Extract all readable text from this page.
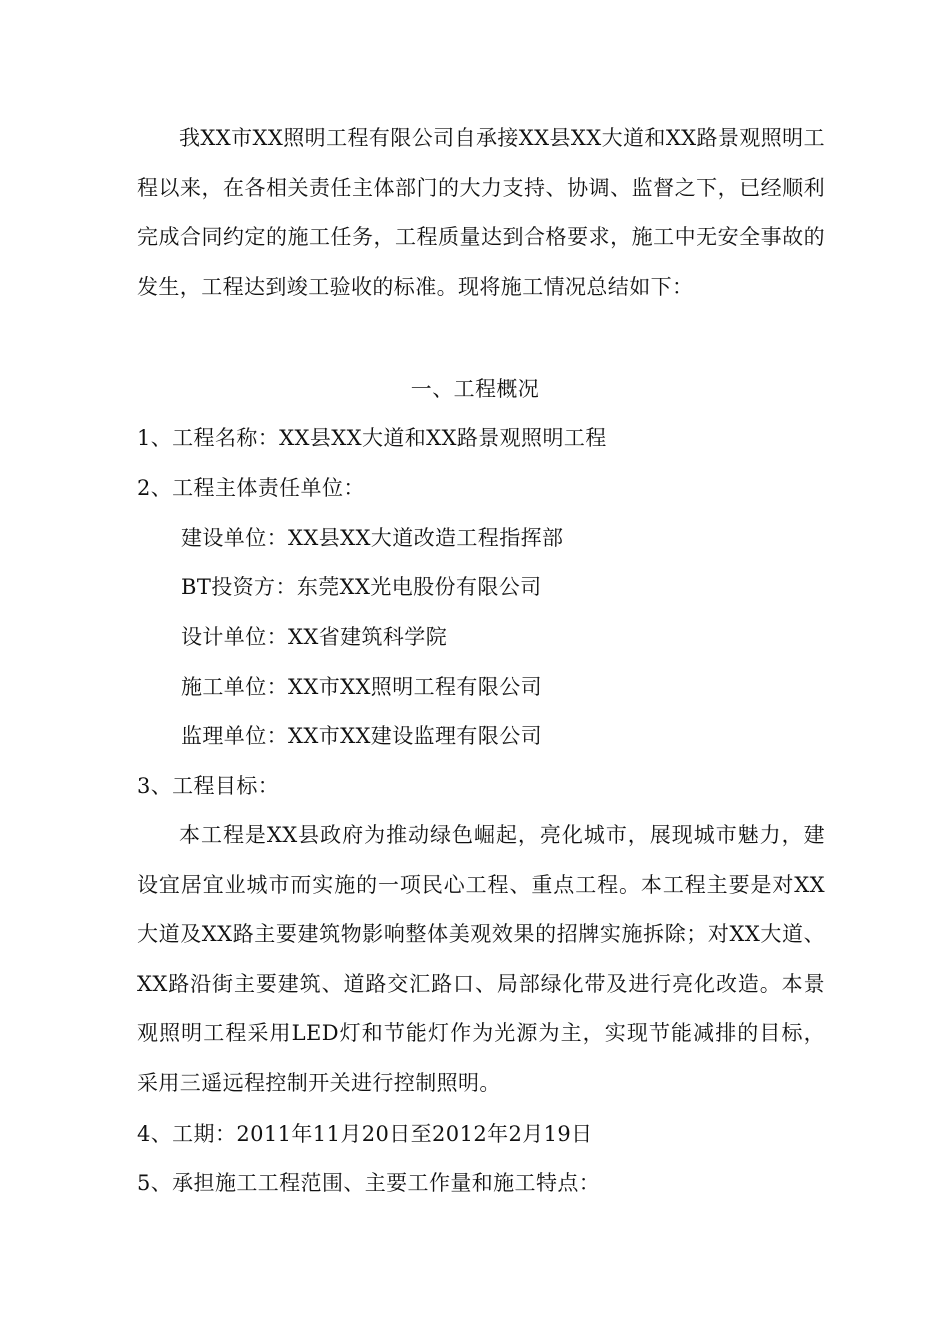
我XX市XX照明工程有限公司自承接XX县XX大道和XX路景观照明工程以来，在各相关责任主体部门的大力支持、协调、监督之下，已经顺利完成合同约定的施工任务，工程质量达到合格要求，施工中无安全事故的发生，工程达到竣工验收的标准。现将施工情况总结如下：

一、工程概况

1、工程名称：XX县XX大道和XX路景观照明工程

2、工程主体责任单位：

建设单位：XX县XX大道改造工程指挥部

BT投资方：东莞XX光电股份有限公司

设计单位：XX省建筑科学院

施工单位：XX市XX照明工程有限公司

监理单位：XX市XX建设监理有限公司

3、工程目标：

本工程是XX县政府为推动绿色崛起，亮化城市，展现城市魅力，建设宜居宜业城市而实施的一项民心工程、重点工程。本工程主要是对XX大道及XX路主要建筑物影响整体美观效果的招牌实施拆除；对XX大道、XX路沿街主要建筑、道路交汇路口、局部绿化带及进行亮化改造。本景观照明工程采用LED灯和节能灯作为光源为主，实现节能减排的目标，采用三遥远程控制开关进行控制照明。

4、工期：2011年11月20日至2012年2月19日

5、承担施工工程范围、主要工作量和施工特点：
